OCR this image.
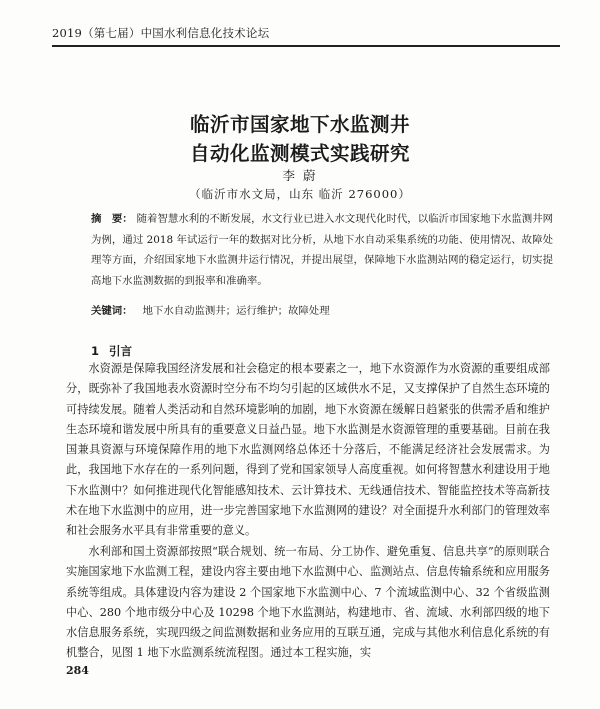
2019（第七届）中国水利信息化技术论坛
临沂市国家地下水监测井
自动化监测模式实践研究
李 蔚
（临沂市水文局，山东 临沂 276000）
摘　要： 随着智慧水利的不断发展，水文行业已进入水文现代化时代，以临沂市国家地下水监测井网为例，通过 2018 年试运行一年的数据对比分析，从地下水自动采集系统的功能、使用情况、故障处理等方面，介绍国家地下水监测井运行情况，并提出展望，保障地下水监测站网的稳定运行，切实提高地下水监测数据的到报率和准确率。
关键词： 地下水自动监测井；运行维护；故障处理
1 引言

水资源是保障我国经济发展和社会稳定的根本要素之一，地下水资源作为水资源的重要组成部分，既弥补了我国地表水资源时空分布不均匀引起的区域供水不足，又支撑保护了自然生态环境的可持续发展。随着人类活动和自然环境影响的加剧，地下水资源在缓解日趋紧张的供需矛盾和维护生态环境和谐发展中所具有的重要意义日益凸显。地下水监测是水资源管理的重要基础。目前在我国兼具资源与环境保障作用的地下水监测网络总体还十分落后，不能满足经济社会发展需求。为此，我国地下水存在的一系列问题，得到了党和国家领导人高度重视。如何将智慧水利建设用于地下水监测中？如何推进现代化智能感知技术、云计算技术、无线通信技术、智能监控技术等高新技术在地下水监测中的应用，进一步完善国家地下水监测网的建设？对全面提升水利部门的管理效率和社会服务水平具有非常重要的意义。

水利部和国土资源部按照“联合规划、统一布局、分工协作、避免重复、信息共享”的原则联合实施国家地下水监测工程，建设内容主要由地下水监测中心、监测站点、信息传输系统和应用服务系统等组成。具体建设内容为建设 2 个国家地下水监测中心、7 个流域监测中心、32 个省级监测中心、280 个地市级分中心及 10298 个地下水监测站，构建地市、省、流域、水利部四级的地下水信息服务系统，实现四级之间监测数据和业务应用的互联互通，完成与其他水利信息化系统的有机整合，见图 1 地下水监测系统流程图。通过本工程实施，实

284
